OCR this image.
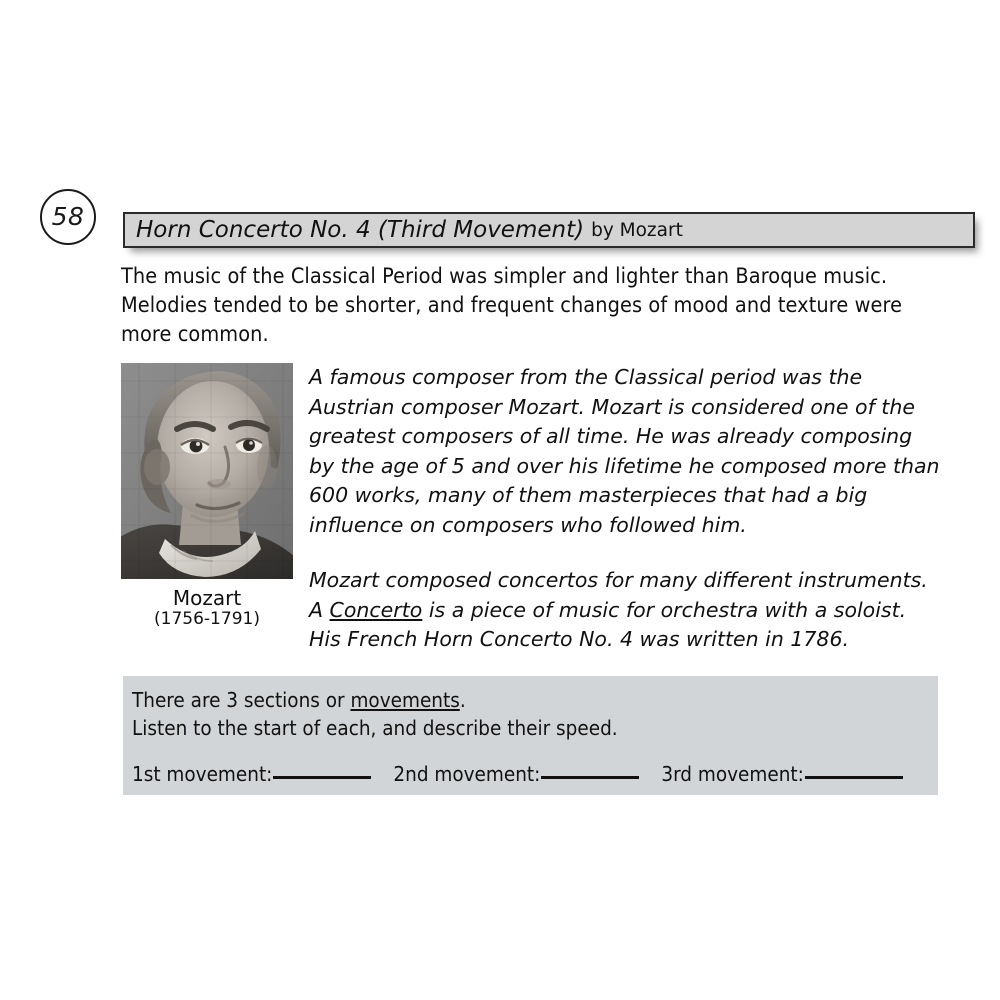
58 Horn Concerto No. 4 (Third Movement) by Mozart
The music of the Classical Period was simpler and lighter than Baroque music. Melodies tended to be shorter, and frequent changes of mood and texture were more common.
Mozart
(1756-1791)

A famous composer from the Classical period was the Austrian composer Mozart. Mozart is considered one of the greatest composers of all time. He was already composing by the age of 5 and over his lifetime he composed more than 600 works, many of them masterpieces that had a big influence on composers who followed him.

Mozart composed concertos for many different instruments. A Concerto is a piece of music for orchestra with a soloist. His French Horn Concerto No. 4 was written in 1786.

There are 3 sections or movements.
Listen to the start of each, and describe their speed.
1st movement:	2nd movement:	3rd movement:
